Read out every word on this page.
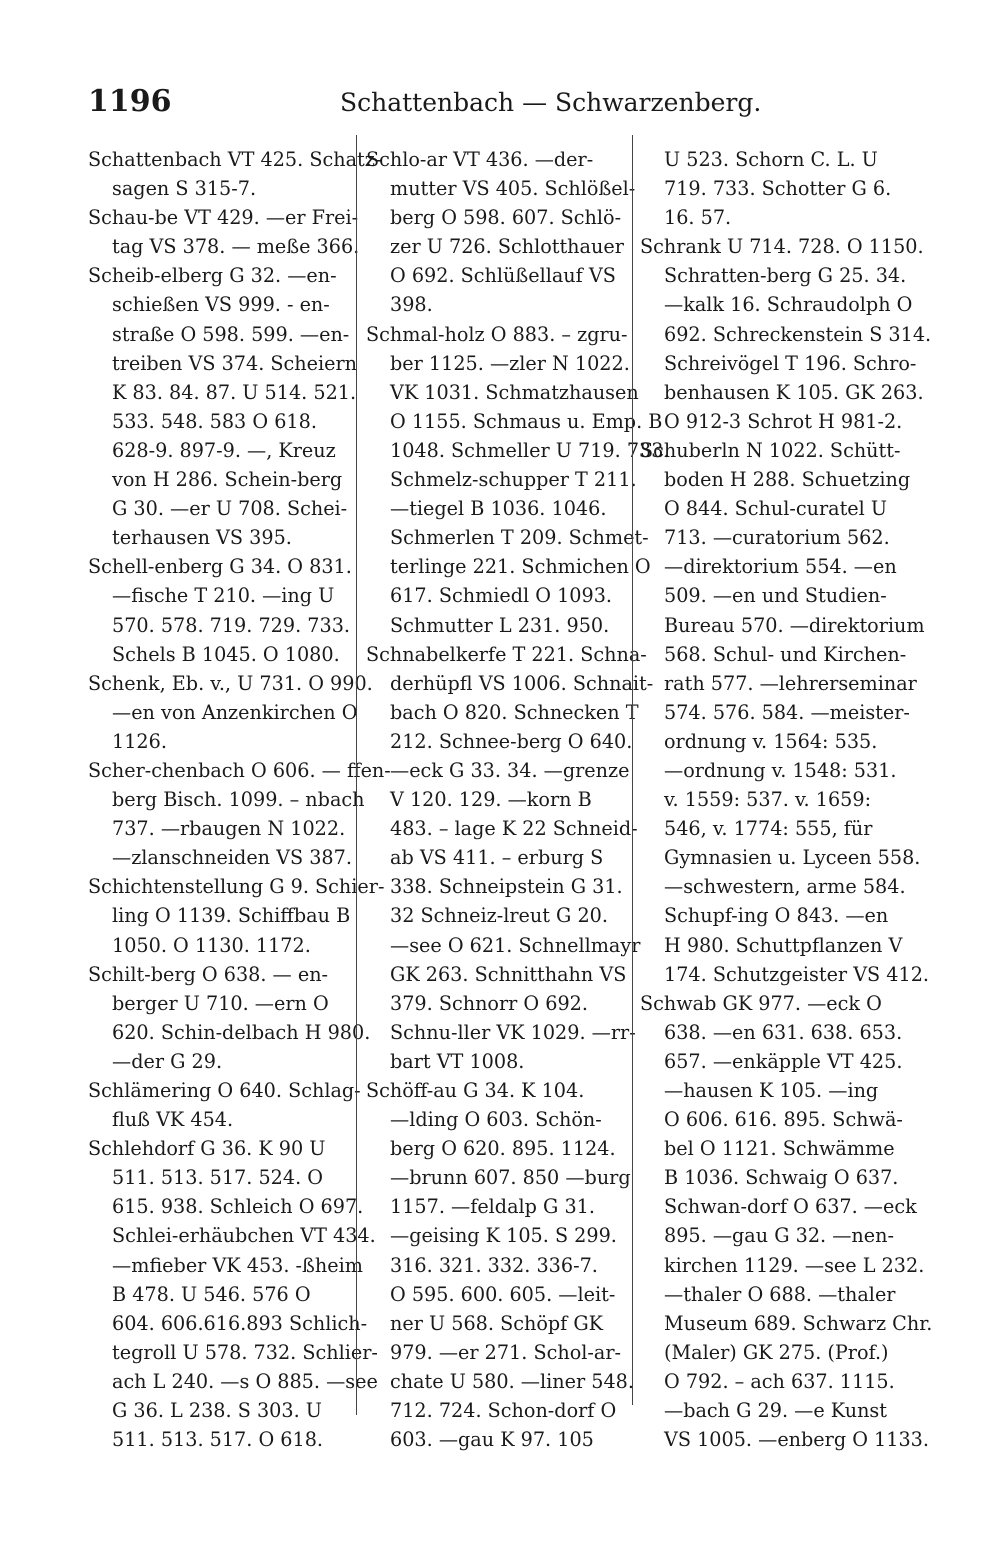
1196	Schattenbach — Schwarzenberg.
Schattenbach VT 425. Schatz-
sagen S 315-7.
Schau-be VT 429. —er Frei-
tag VS 378. — meße 366.
Scheib-elberg G 32. —en-
schießen VS 999. - en-
straße O 598. 599. —en-
treiben VS 374. Scheiern
K 83. 84. 87. U 514. 521.
533. 548. 583 O 618.
628-9. 897-9. —, Kreuz
von H 286. Schein-berg
G 30. —er U 708. Schei-
terhausen VS 395.
Schell-enberg G 34. O 831.
—fische T 210. —ing U
570. 578. 719. 729. 733.
Schels B 1045. O 1080.
Schenk, Eb. v., U 731. O 990.
—en von Anzenkirchen O
1126.
Scher-chenbach O 606. — ffen-
berg Bisch. 1099. – nbach
737. —rbaugen N 1022.
—zlanschneiden VS 387.
Schichtenstellung G 9. Schier-
ling O 1139. Schiffbau B
1050. O 1130. 1172.
Schilt-berg O 638. — en-
berger U 710. —ern O
620. Schin-delbach H 980.
—der G 29.
Schlämering O 640. Schlag-
fluß VK 454.
Schlehdorf G 36. K 90 U
511. 513. 517. 524. O
615. 938. Schleich O 697.
Schlei-erhäubchen VT 434.
—mfieber VK 453. -ßheim
B 478. U 546. 576 O
604. 606.616.893 Schlich-
tegroll U 578. 732. Schlier-
ach L 240. —s O 885. —see
G 36. L 238. S 303. U
511. 513. 517. O 618.
Schlo-ar VT 436. —der-
mutter VS 405. Schlößel-
berg O 598. 607. Schlö-
zer U 726. Schlotthauer
O 692. Schlüßellauf VS
398.
Schmal-holz O 883. – zgru-
ber 1125. —zler N 1022.
VK 1031. Schmatzhausen
O 1155. Schmaus u. Emp. B
1048. Schmeller U 719. 733.
Schmelz-schupper T 211.
—tiegel B 1036. 1046.
Schmerlen T 209. Schmet-
terlinge 221. Schmichen O
617. Schmiedl O 1093.
Schmutter L 231. 950.
Schnabelkerfe T 221. Schna-
derhüpfl VS 1006. Schnait-
bach O 820. Schnecken T
212. Schnee-berg O 640.
—eck G 33. 34. —grenze
V 120. 129. —korn B
483. – lage K 22 Schneid-
ab VS 411. – erburg S
338. Schneipstein G 31.
32 Schneiz-lreut G 20.
—see O 621. Schnellmayr
GK 263. Schnitthahn VS
379. Schnorr O 692.
Schnu-ller VK 1029. —rr-
bart VT 1008.
Schöff-au G 34. K 104.
—lding O 603. Schön-
berg O 620. 895. 1124.
—brunn 607. 850 —burg
1157. —feldalp G 31.
—geising K 105. S 299.
316. 321. 332. 336-7.
O 595. 600. 605. —leit-
ner U 568. Schöpf GK
979. —er 271. Schol-ar-
chate U 580. —liner 548.
712. 724. Schon-dorf O
603. —gau K 97. 105
U 523. Schorn C. L. U
719. 733. Schotter G 6.
16. 57.
Schrank U 714. 728. O 1150.
Schratten-berg G 25. 34.
—kalk 16. Schraudolph O
692. Schreckenstein S 314.
Schreivögel T 196. Schro-
benhausen K 105. GK 263.
O 912-3 Schrot H 981-2.
Schuberln N 1022. Schütt-
boden H 288. Schuetzing
O 844. Schul-curatel U
713. —curatorium 562.
—direktorium 554. —en
509. —en und Studien-
Bureau 570. —direktorium
568. Schul- und Kirchen-
rath 577. —lehrerseminar
574. 576. 584. —meister-
ordnung v. 1564: 535.
—ordnung v. 1548: 531.
v. 1559: 537. v. 1659:
546, v. 1774: 555, für
Gymnasien u. Lyceen 558.
—schwestern, arme 584.
Schupf-ing O 843. —en
H 980. Schuttpflanzen V
174. Schutzgeister VS 412.
Schwab GK 977. —eck O
638. —en 631. 638. 653.
657. —enkäpple VT 425.
—hausen K 105. —ing
O 606. 616. 895. Schwä-
bel O 1121. Schwämme
B 1036. Schwaig O 637.
Schwan-dorf O 637. —eck
895. —gau G 32. —nen-
kirchen 1129. —see L 232.
—thaler O 688. —thaler
Museum 689. Schwarz Chr.
(Maler) GK 275. (Prof.)
O 792. – ach 637. 1115.
—bach G 29. —e Kunst
VS 1005. —enberg O 1133.
